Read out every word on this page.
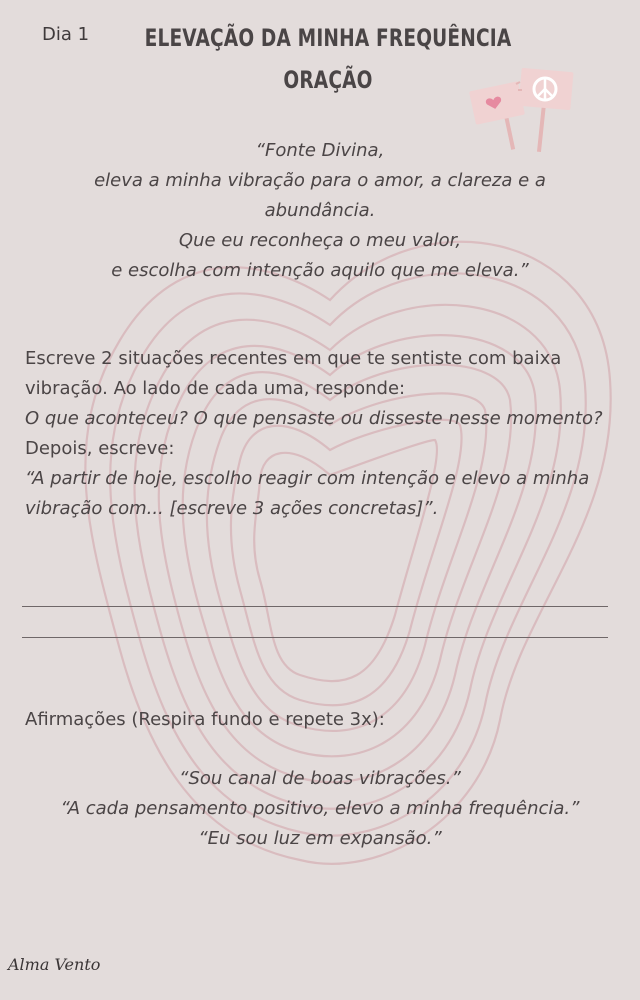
Dia 1	ELEVAÇÃO DA MINHA FREQUÊNCIA
ORAÇÃO
“Fonte Divina,
eleva a minha vibração para o amor, a clareza e a
abundância.
Que eu reconheça o meu valor,
e escolha com intenção aquilo que me eleva.”

Escreve 2 situações recentes em que te sentiste com baixa vibração. Ao lado de cada uma, responde:

O que aconteceu? O que pensaste ou disseste nesse momento?

Depois, escreve:

“A partir de hoje, escolho reagir com intenção e elevo a minha vibração com... [escreve 3 ações concretas]”.

Afirmações (Respira fundo e repete 3x):
“Sou canal de boas vibrações.”
“A cada pensamento positivo, elevo a minha frequência.”
“Eu sou luz em expansão.”
Alma Vento
